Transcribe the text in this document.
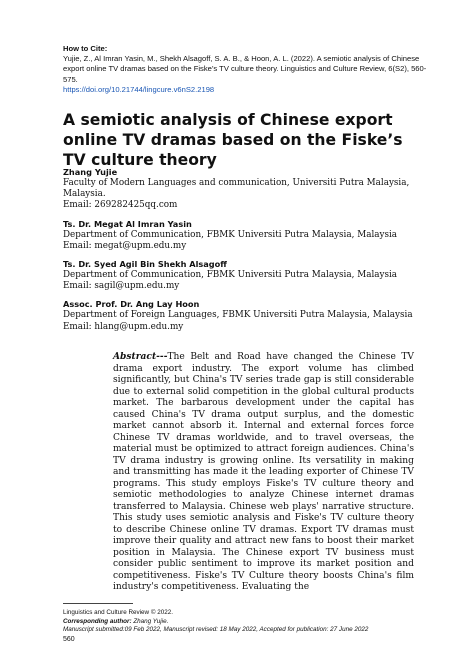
How to Cite:
Yujie, Z., Al Imran Yasin, M., Shekh Alsagoff, S. A. B., & Hoon, A. L. (2022). A semiotic analysis of Chinese export online TV dramas based on the Fiske’s TV culture theory. Linguistics and Culture Review, 6(S2), 560-575.
https://doi.org/10.21744/lingcure.v6nS2.2198
A semiotic analysis of Chinese export online TV dramas based on the Fiske’s TV culture theory
Zhang Yujie
Faculty of Modern Languages and communication, Universiti Putra Malaysia,
Malaysia.
Email: 269282425qq.com
Ts. Dr. Megat Al Imran Yasin
Department of Communication, FBMK Universiti Putra Malaysia, Malaysia
Email: megat@upm.edu.my
Ts. Dr. Syed Agil Bin Shekh Alsagoff
Department of Communication, FBMK Universiti Putra Malaysia, Malaysia
Email: sagil@upm.edu.my
Assoc. Prof. Dr. Ang Lay Hoon
Department of Foreign Languages, FBMK Universiti Putra Malaysia, Malaysia
Email: hlang@upm.edu.my
Abstract---The Belt and Road have changed the Chinese TV drama export industry. The export volume has climbed significantly, but China's TV series trade gap is still considerable due to external solid competition in the global cultural products market. The barbarous development under the capital has caused China's TV drama output surplus, and the domestic market cannot absorb it. Internal and external forces force Chinese TV dramas worldwide, and to travel overseas, the material must be optimized to attract foreign audiences. China's TV drama industry is growing online. Its versatility in making and transmitting has made it the leading exporter of Chinese TV programs. This study employs Fiske's TV culture theory and semiotic methodologies to analyze Chinese internet dramas transferred to Malaysia. Chinese web plays' narrative structure. This study uses semiotic analysis and Fiske's TV culture theory to describe Chinese online TV dramas. Export TV dramas must improve their quality and attract new fans to boost their market position in Malaysia. The Chinese export TV business must consider public sentiment to improve its market position and competitiveness. Fiske's TV Culture theory boosts China's film industry's competitiveness. Evaluating the
Linguistics and Culture Review © 2022.
Corresponding author: Zhang Yujie.
Manuscript submitted:09 Feb 2022, Manuscript revised: 18 May 2022, Accepted for publication: 27 June 2022
560
